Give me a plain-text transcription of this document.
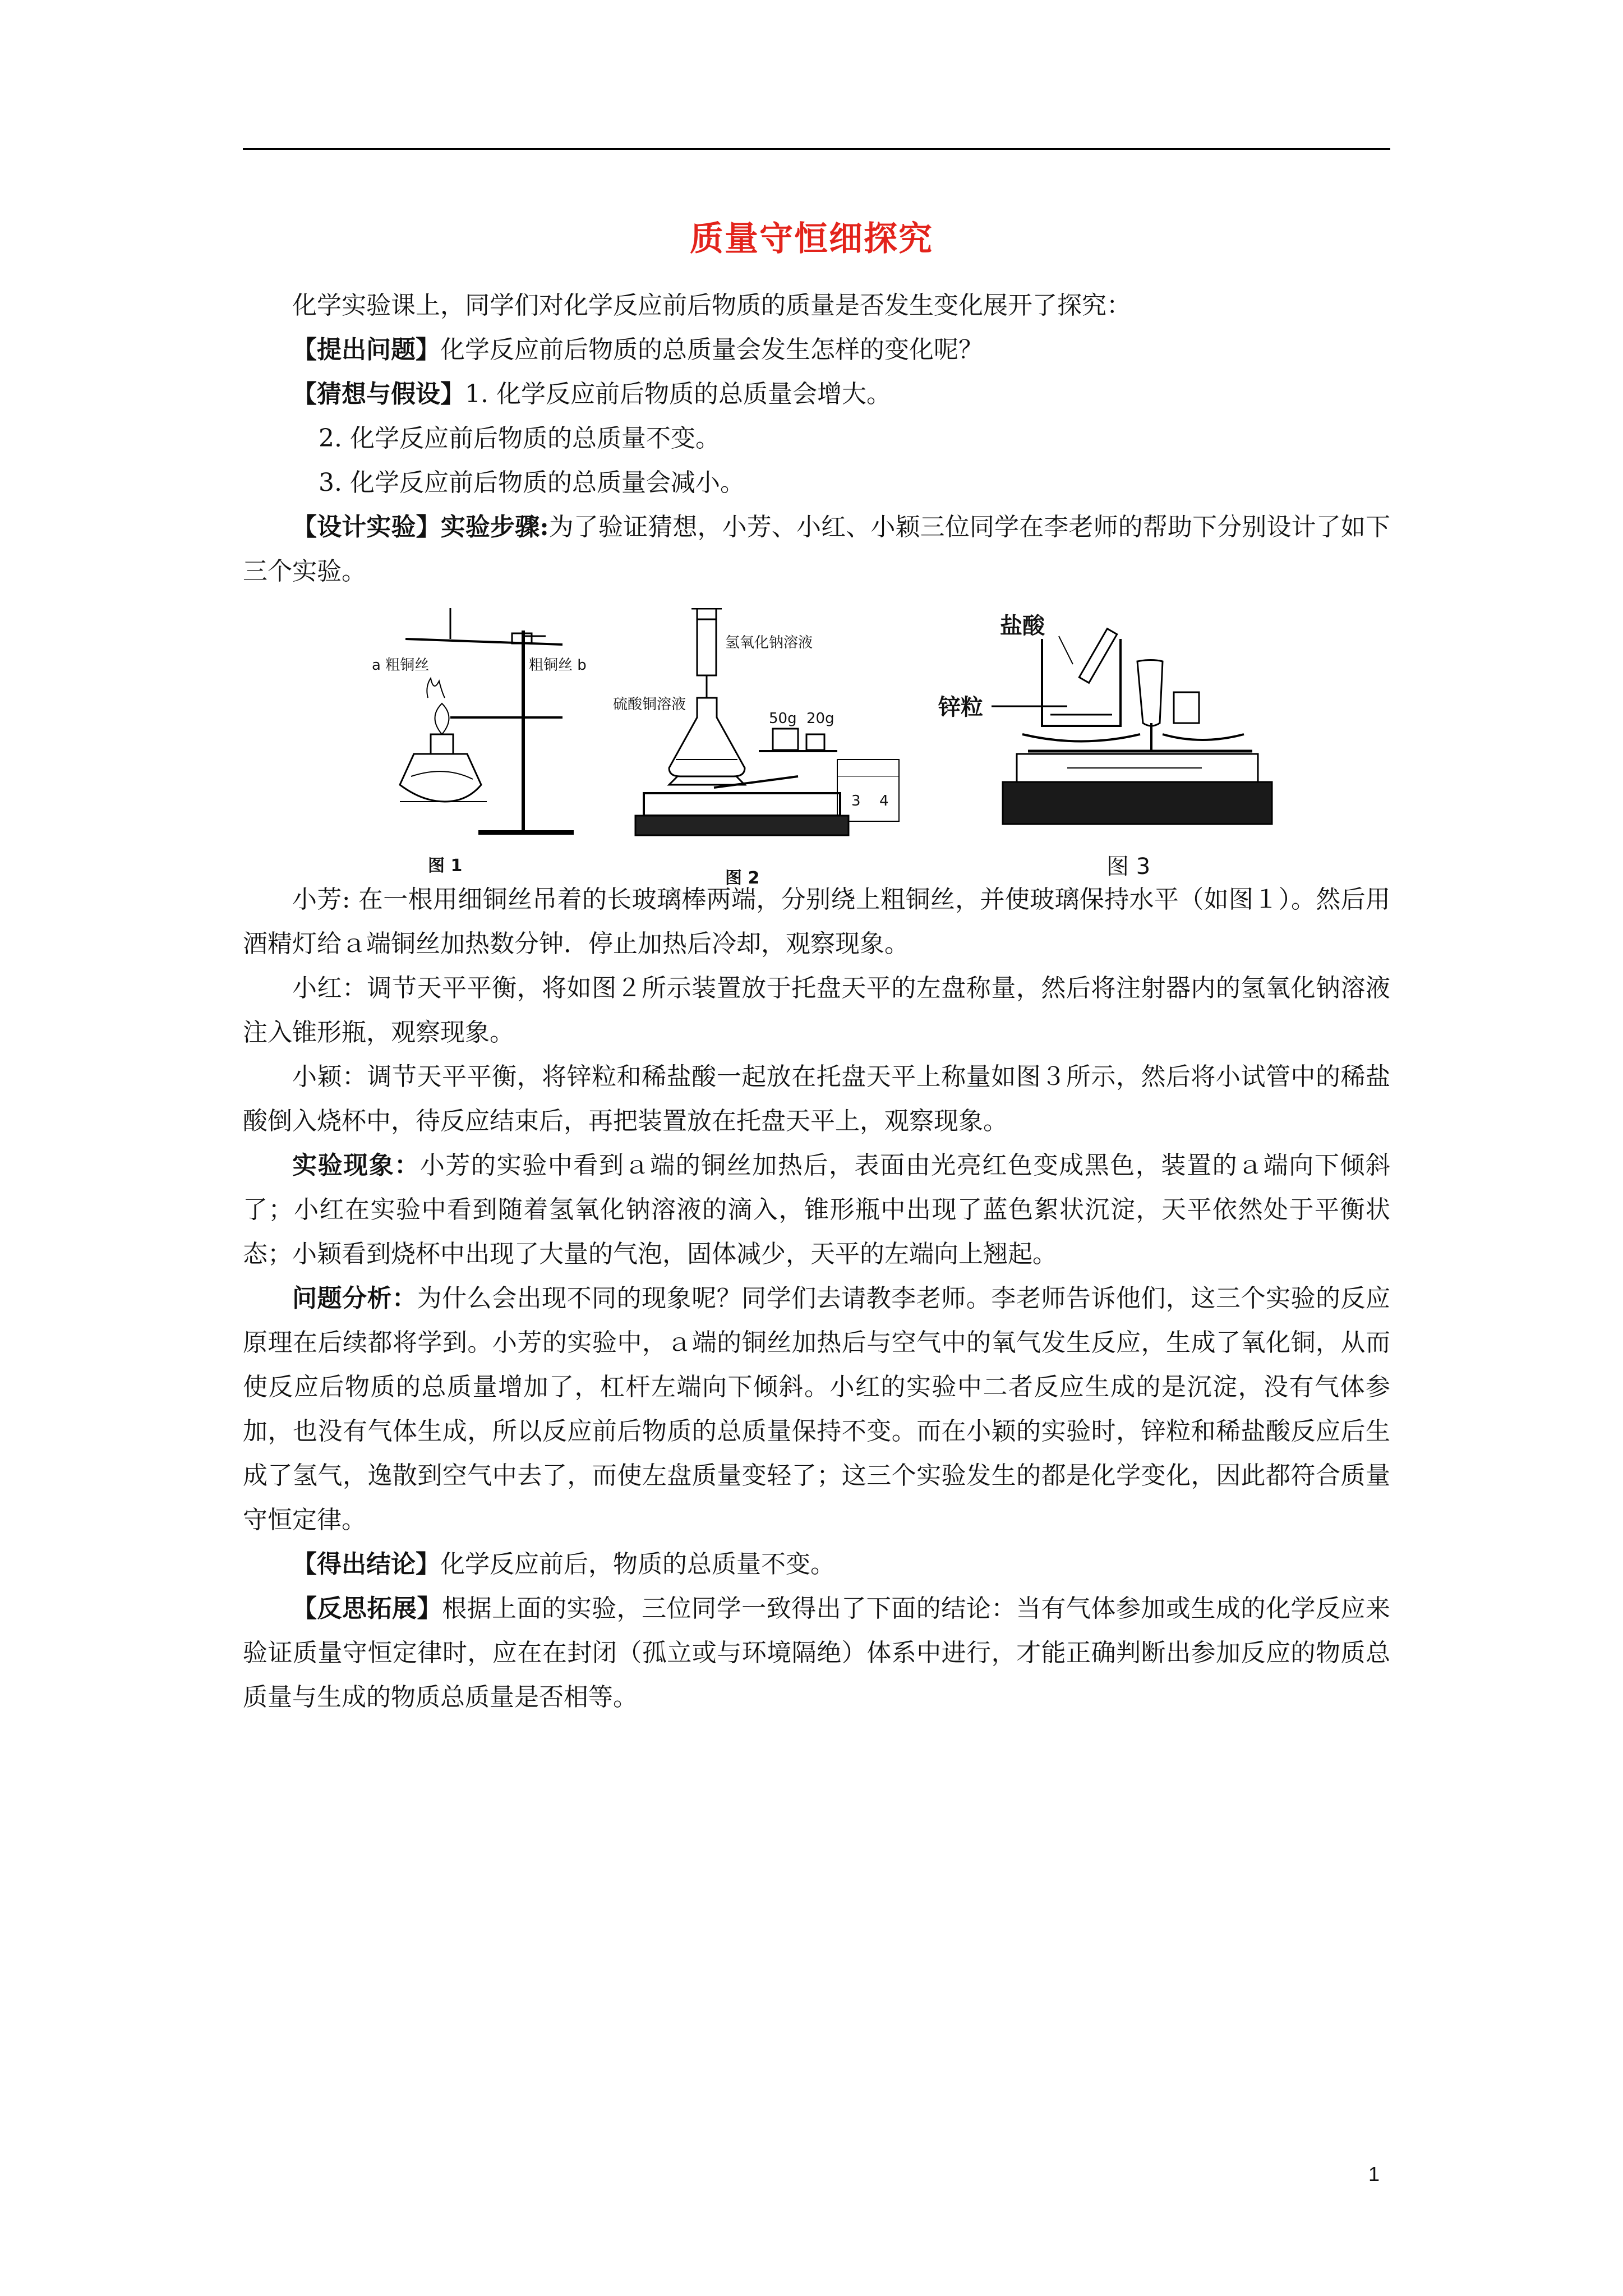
质量守恒细探究

化学实验课上，同学们对化学反应前后物质的质量是否发生变化展开了探究：

【提出问题】化学反应前后物质的总质量会发生怎样的变化呢？

【猜想与假设】1. 化学反应前后物质的总质量会增大。

2. 化学反应前后物质的总质量不变。

3. 化学反应前后物质的总质量会减小。

【设计实验】实验步骤:为了验证猜想，小芳、小红、小颖三位同学在李老师的帮助下分别设计了如下三个实验。

a 粗铜丝	粗铜丝 b
图 1
氢氧化钠溶液
硫酸铜溶液
50g 20g
3 4
图 2
盐酸
锌粒
图 3

小芳: 在一根用细铜丝吊着的长玻璃棒两端，分别绕上粗铜丝，并使玻璃保持水平（如图１）。然后用酒精灯给ａ端铜丝加热数分钟．停止加热后冷却，观察现象。

小红：调节天平平衡，将如图２所示装置放于托盘天平的左盘称量，然后将注射器内的氢氧化钠溶液注入锥形瓶，观察现象。

小颖：调节天平平衡，将锌粒和稀盐酸一起放在托盘天平上称量如图３所示，然后将小试管中的稀盐酸倒入烧杯中，待反应结束后，再把装置放在托盘天平上，观察现象。

实验现象：小芳的实验中看到ａ端的铜丝加热后，表面由光亮红色变成黑色，装置的ａ端向下倾斜了；小红在实验中看到随着氢氧化钠溶液的滴入，锥形瓶中出现了蓝色絮状沉淀，天平依然处于平衡状态；小颖看到烧杯中出现了大量的气泡，固体减少，天平的左端向上翘起。

问题分析：为什么会出现不同的现象呢？同学们去请教李老师。李老师告诉他们，这三个实验的反应原理在后续都将学到。小芳的实验中，ａ端的铜丝加热后与空气中的氧气发生反应，生成了氧化铜，从而使反应后物质的总质量增加了，杠杆左端向下倾斜。小红的实验中二者反应生成的是沉淀，没有气体参加，也没有气体生成，所以反应前后物质的总质量保持不变。而在小颖的实验时，锌粒和稀盐酸反应后生成了氢气，逸散到空气中去了，而使左盘质量变轻了；这三个实验发生的都是化学变化，因此都符合质量守恒定律。

【得出结论】化学反应前后，物质的总质量不变。

【反思拓展】根据上面的实验，三位同学一致得出了下面的结论：当有气体参加或生成的化学反应来验证质量守恒定律时，应在在封闭（孤立或与环境隔绝）体系中进行，才能正确判断出参加反应的物质总质量与生成的物质总质量是否相等。

1
